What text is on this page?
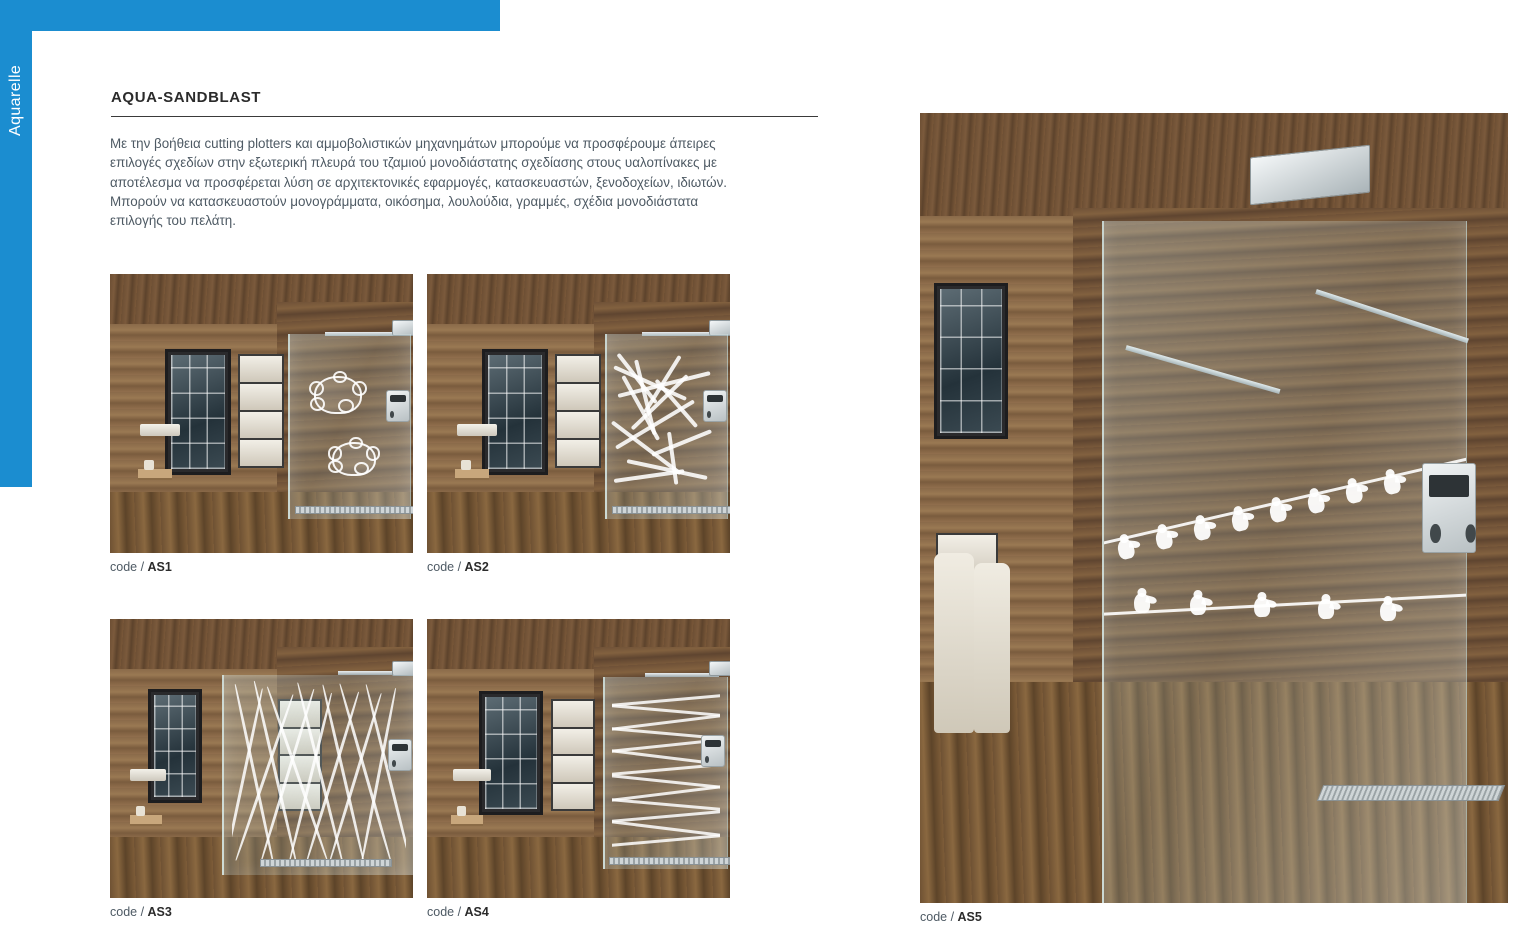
Aquarelle	AQUA-SANDBLAST
Με την βοήθεια cutting plotters και αμμοβολιστικών μηχανημάτων μπορούμε να προσφέρουμε άπειρες επιλογές σχεδίων στην εξωτερική πλευρά του τζαμιού μονοδιάστατης σχεδίασης στους υαλοπίνακες με αποτέλεσμα να προσφέρεται λύση σε αρχιτεκτονικές εφαρμογές, κατασκευαστών, ξενοδοχείων, ιδιωτών. Μπορούν να κατασκευαστούν μονογράμματα, οικόσημα, λουλούδια, γραμμές, σχέδια μονοδιάστατα επιλογής του πελάτη.
code / AS1	code / AS2
code / AS3	code / AS4	code / AS5
